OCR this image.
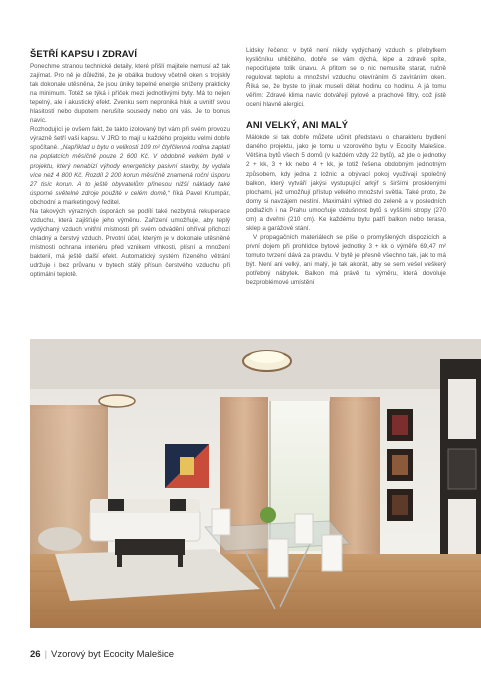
ŠETŘÍ KAPSU I ZDRAVÍ

Ponechme stranou technické detaily, které přišlí majitele nemusí až tak zajímat. Pro ně je důležité, že je obálka budovy včetně oken s trojskly tak dokonale utěsněna, že jsou úniky tepelné energie sníženy prakticky na minimum. Totéž se týká i příček mezi jednotlivými byty. Má to nejen tepelný, ale i akustický efekt. Zvenku sem neproniká hluk a uvnitř svou hlasitostí nebo dupotem nerušíte sousedy nebo oni vás. Je to bonus navíc.

Rozhodující je ovšem fakt, že takto izolovaný byt vám při svém provozu výrazně šetří vaši kapsu. V JRD to mají u každého projektu velmi dobře spočítané. „Například u bytu o velikosti 109 m² čtyřčlenná rodina zaplatí na poplatcích měsíčně pouze 2 600 Kč. V obdobně velkém bytě v projektu, který nenabízí výhody energeticky pasivní stavby, by vydala více než 4 800 Kč. Rozdíl 2 200 korun měsíčně znamená roční úsporu 27 tisíc korun. A to ještě obyvatelům přinesou nižší náklady také úsporné světelné zdroje použité v celém domě,“ říká Pavel Krumpár, obchodní a marketingový ředitel.

Na takových výrazných úsporách se podílí také nezbytná rekuperace vzduchu, která zajišťuje jeho výměnu. Zařízení umožňuje, aby teplý vydýchaný vzduch vnitřní místnosti při svém odvádění ohříval přichozí chladný a čerstvý vzduch. Prvotní účel, kterým je v dokonale utěsněné místnosti ochrana interiéru před vznikem vlhkosti, plísní a množení bakterií, má ještě další efekt. Automatický systém řízeného větrání udržuje i bez průvanu v bytech stálý přísun čerstvého vzduchu při optimální teplotě.

Lidsky řečeno: v bytě není nikdy vydýchaný vzduch s přebytkem kysličníku uhličitého, dobře se vám dýchá, lépe a zdravě spíte, nepociťujete tolik únavu. A přitom se o nic nemusíte starat, ručně regulovat teplotu a množství vzduchu otevíráním či zavíráním oken. Říká se, že byste to jinak museli dělat hodinu co hodinu. A já tomu věřím: Zdravé klima navíc dotvářejí pylové a prachové filtry, což jistě ocení hlavně alergici.

ANI VELKÝ, ANI MALÝ

Málokde si tak dobře můžete učinit představu o charakteru bydlení daného projektu, jako je tomu u vzorového bytu v Ecocity Malešice. Většina bytů všech 5 domů (v každém vždy 22 bytů), až jde o jednotky 2 + kk, 3 + kk nebo 4 + kk, je totiž řešena obdobným jednotným způsobem, kdy jedna z ložnic a obývací pokoj využívají společný balkon, který vytváří jakýsi vystupující arkýř s širšími prosklenými plochami, jež umožňují přístup velkého množství světla. Také proto, že domy si navzájem nestíní. Maximální výhled do zeleně a v posledních podlažích i na Prahu umocňuje vzdušnost bytů s vyššími stropy (270 cm) a dveřmi (210 cm). Ke každému bytu patří balkon nebo terasa, sklep a garážové stání.

V propagačních materiálech se píše o promyšlených dispozicích a první dojem při prohlídce bytové jednotky 3 + kk o výměře 69,47 m² tomuto tvrzení dává za pravdu. V bytě je přesně všechno tak, jak to má být. Není ani velký, ani malý, je tak akorát, aby se sem vešel veškerý potřebný nábytek. Balkon má právě tu výměru, která dovoluje bezproblémové umístění

26 | Vzorový byt Ecocity Malešice
